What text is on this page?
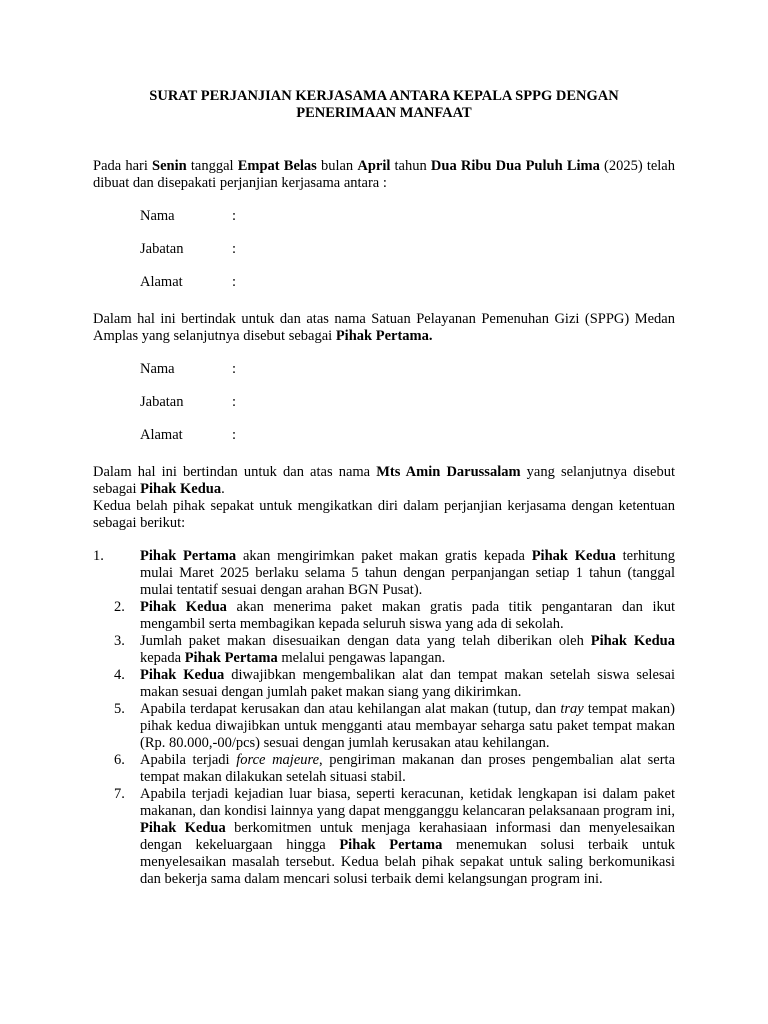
SURAT PERJANJIAN KERJASAMA ANTARA KEPALA SPPG DENGAN
PENERIMAAN MANFAAT

Pada hari Senin tanggal Empat Belas bulan April tahun Dua Ribu Dua Puluh Lima (2025) telah dibuat dan disepakati perjanjian kerjasama antara :

Nama	:
Jabatan	:
Alamat	:

Dalam hal ini bertindak untuk dan atas nama Satuan Pelayanan Pemenuhan Gizi (SPPG) Medan Amplas yang selanjutnya disebut sebagai Pihak Pertama.

Nama	:
Jabatan	:
Alamat	:

Dalam hal ini bertindan untuk dan atas nama Mts Amin Darussalam yang selanjutnya disebut sebagai Pihak Kedua.

Kedua belah pihak sepakat untuk mengikatkan diri dalam perjanjian kerjasama dengan ketentuan sebagai berikut:

1.	Pihak Pertama akan mengirimkan paket makan gratis kepada Pihak Kedua terhitung mulai Maret 2025 berlaku selama 5 tahun dengan perpanjangan setiap 1 tahun (tanggal mulai tentatif sesuai dengan arahan BGN Pusat).
2.	Pihak Kedua akan menerima paket makan gratis pada titik pengantaran dan ikut mengambil serta membagikan kepada seluruh siswa yang ada di sekolah.
3.	Jumlah paket makan disesuaikan dengan data yang telah diberikan oleh Pihak Kedua kepada Pihak Pertama melalui pengawas lapangan.
4.	Pihak Kedua diwajibkan mengembalikan alat dan tempat makan setelah siswa selesai makan sesuai dengan jumlah paket makan siang yang dikirimkan.
5.	Apabila terdapat kerusakan dan atau kehilangan alat makan (tutup, dan tray tempat makan) pihak kedua diwajibkan untuk mengganti atau membayar seharga satu paket tempat makan (Rp. 80.000,-00/pcs) sesuai dengan jumlah kerusakan atau kehilangan.
6.	Apabila terjadi force majeure, pengiriman makanan dan proses pengembalian alat serta tempat makan dilakukan setelah situasi stabil.
7.	Apabila terjadi kejadian luar biasa, seperti keracunan, ketidak lengkapan isi dalam paket makanan, dan kondisi lainnya yang dapat mengganggu kelancaran pelaksanaan program ini, Pihak Kedua berkomitmen untuk menjaga kerahasiaan informasi dan menyelesaikan dengan kekeluargaan hingga Pihak Pertama menemukan solusi terbaik untuk menyelesaikan masalah tersebut. Kedua belah pihak sepakat untuk saling berkomunikasi dan bekerja sama dalam mencari solusi terbaik demi kelangsungan program ini.
